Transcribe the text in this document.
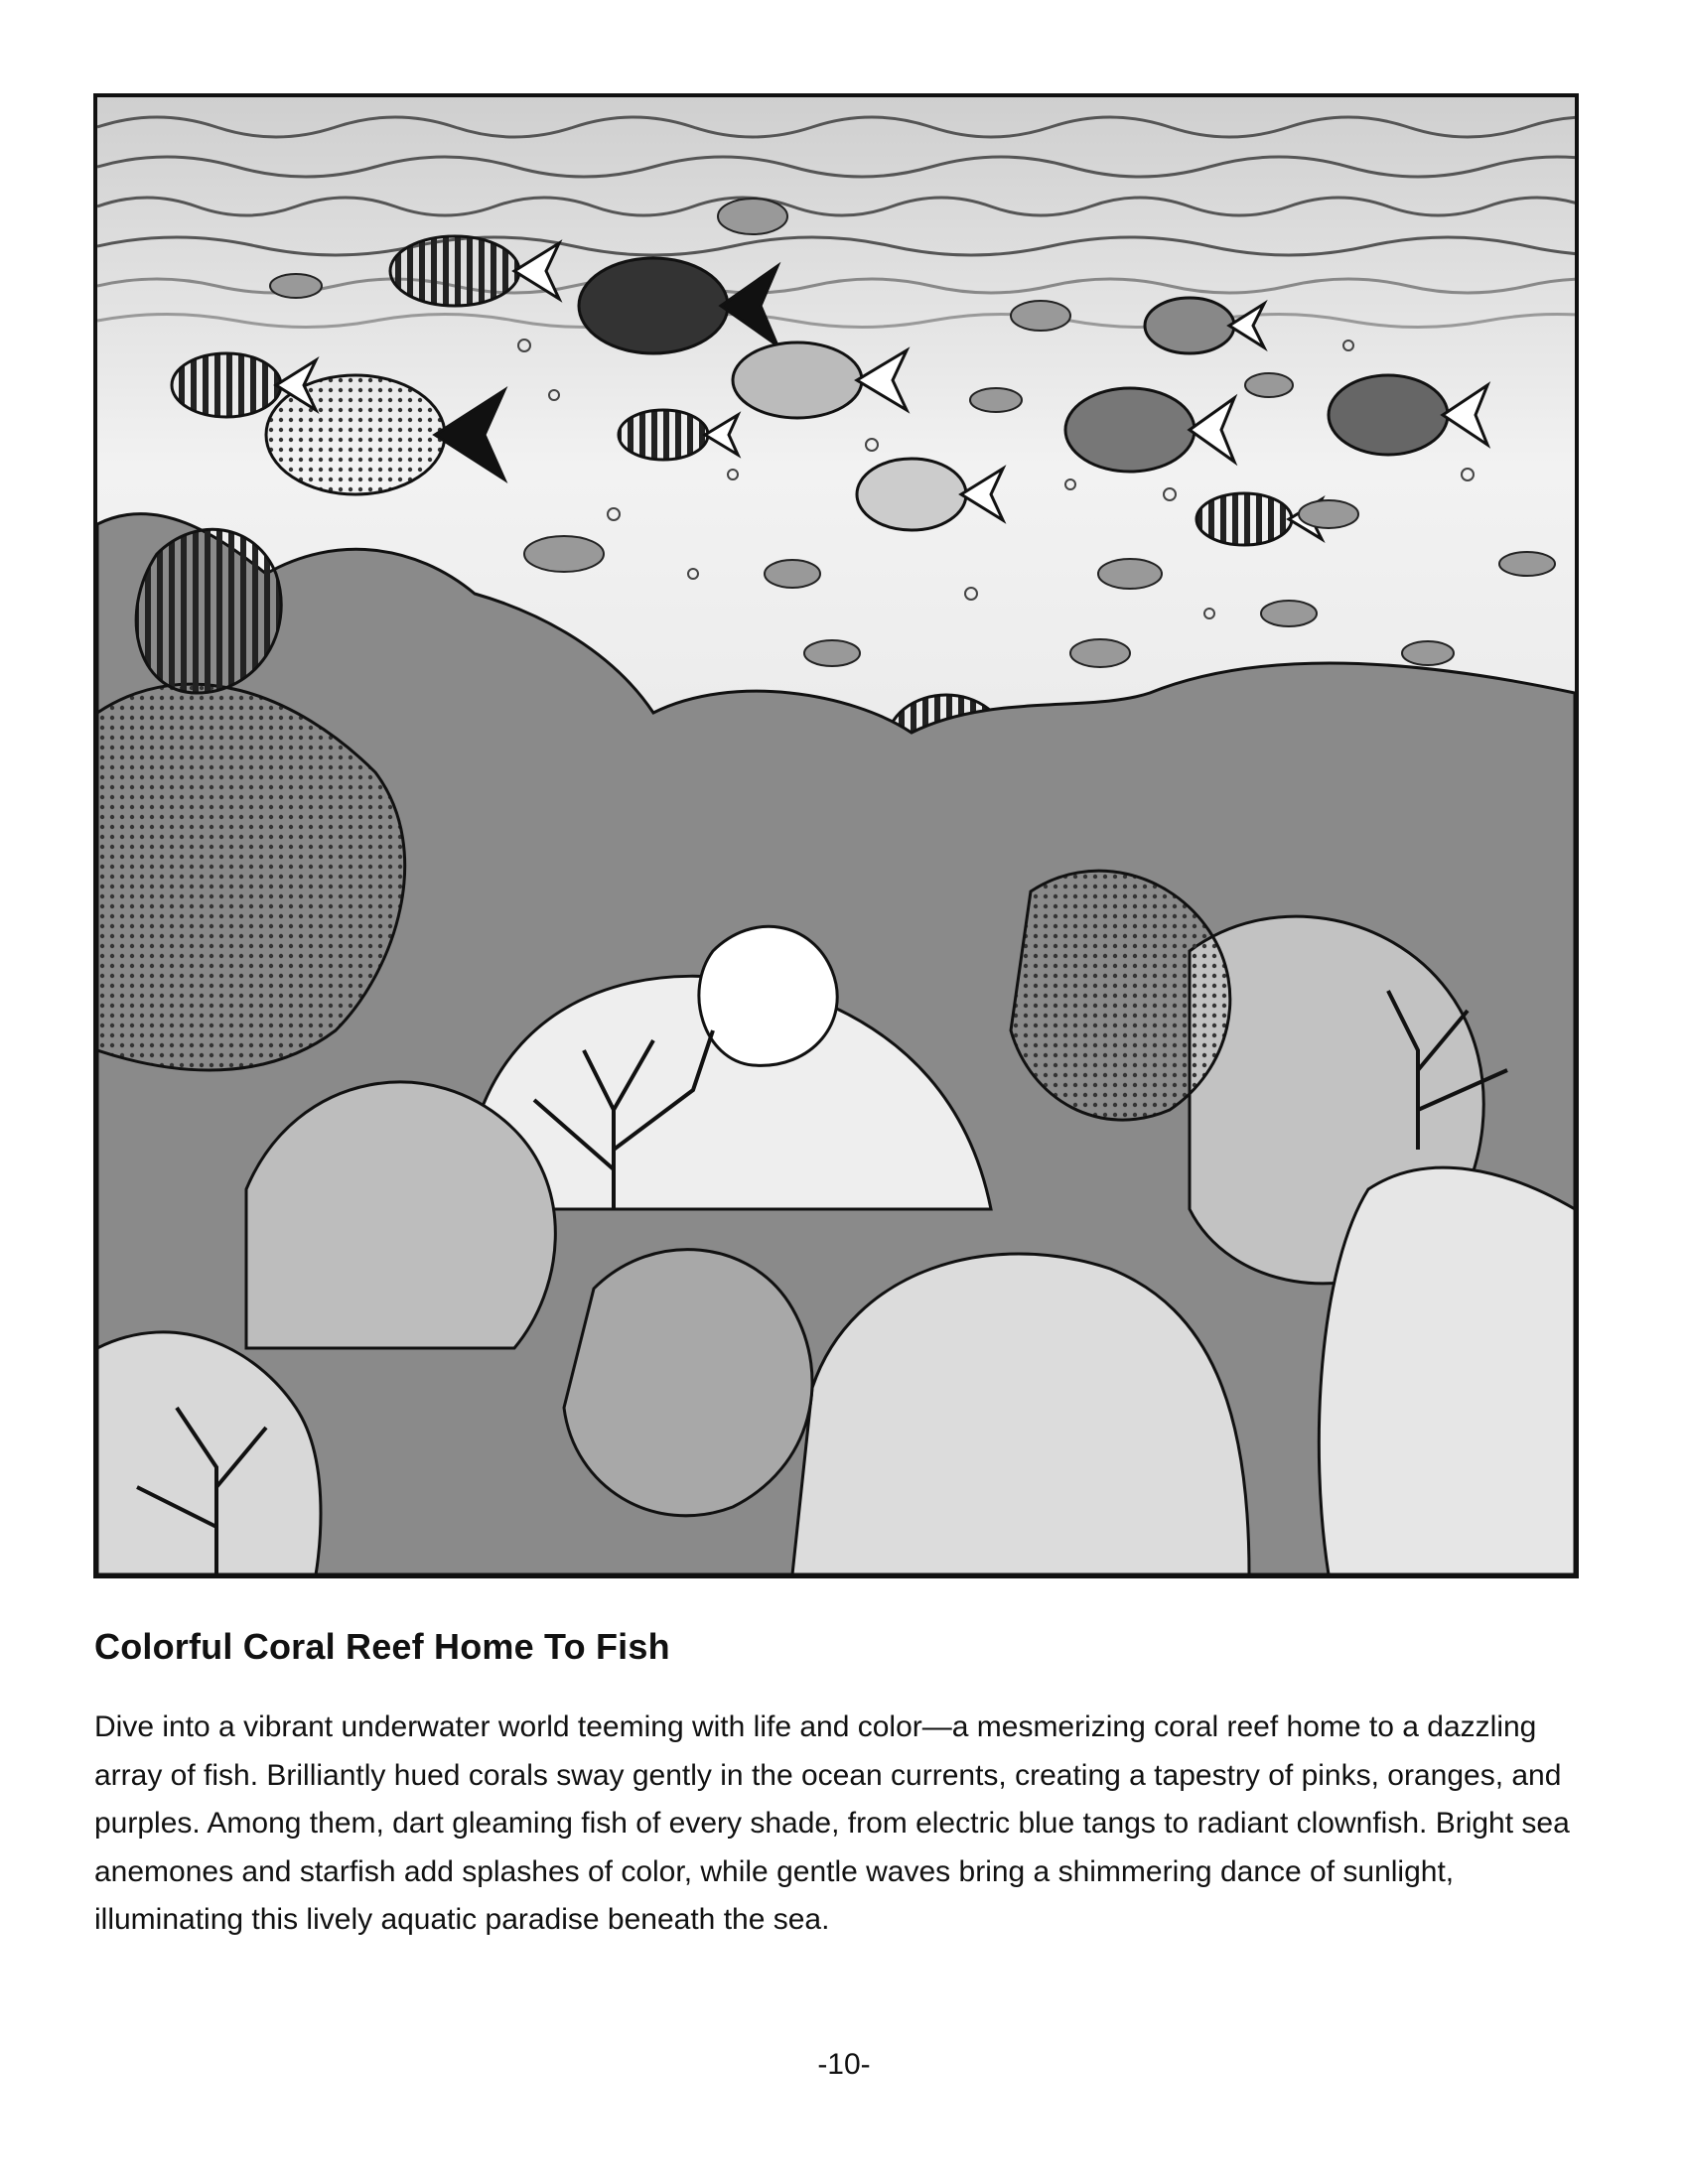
Colorful Coral Reef Home To Fish

Dive into a vibrant underwater world teeming with life and color—a mesmerizing coral reef home to a dazzling array of fish. Brilliantly hued corals sway gently in the ocean currents, creating a tapestry of pinks, oranges, and purples. Among them, dart gleaming fish of every shade, from electric blue tangs to radiant clownfish. Bright sea anemones and starfish add splashes of color, while gentle waves bring a shimmering dance of sunlight, illuminating this lively aquatic paradise beneath the sea.

-10-
